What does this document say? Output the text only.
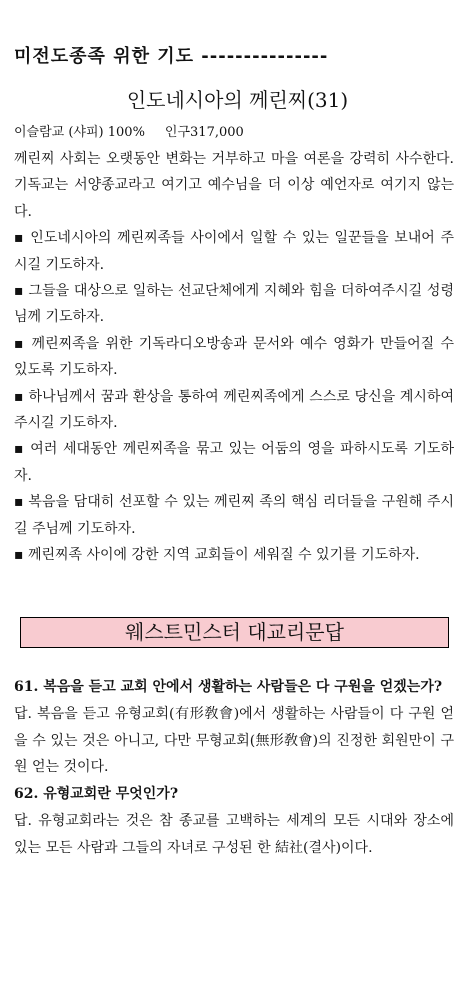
미전도종족 위한 기도 ---------------
인도네시아의 께린찌(31)
이슬람교 (샤피) 100% 인구317,000

께린찌 사회는 오랫동안 변화는 거부하고 마을 여론을 강력히 사수한다. 기독교는 서양종교라고 여기고 예수님을 더 이상 예언자로 여기지 않는다.

▪ 인도네시아의 께린찌족들 사이에서 일할 수 있는 일꾼들을 보내어 주시길 기도하자.

▪ 그들을 대상으로 일하는 선교단체에게 지혜와 힘을 더하여주시길 성령님께 기도하자.

▪ 께린찌족을 위한 기독라디오방송과 문서와 예수 영화가 만들어질 수 있도록 기도하자.

▪ 하나님께서 꿈과 환상을 통하여 께린찌족에게 스스로 당신을 계시하여 주시길 기도하자.

▪ 여러 세대동안 께린찌족을 묶고 있는 어둠의 영을 파하시도록 기도하자.

▪ 복음을 담대히 선포할 수 있는 께린찌 족의 핵심 리더들을 구원해 주시길 주님께 기도하자.

▪ 께린찌족 사이에 강한 지역 교회들이 세워질 수 있기를 기도하자.

웨스트민스터 대교리문답

61. 복음을 듣고 교회 안에서 생활하는 사람들은 다 구원을 얻겠는가?

답. 복음을 듣고 유형교회(有形敎會)에서 생활하는 사람들이 다 구원 얻을 수 있는 것은 아니고, 다만 무형교회(無形敎會)의 진정한 회원만이 구원 얻는 것이다.

62. 유형교회란 무엇인가?

답. 유형교회라는 것은 참 종교를 고백하는 세계의 모든 시대와 장소에 있는 모든 사람과 그들의 자녀로 구성된 한 結社(결사)이다.
